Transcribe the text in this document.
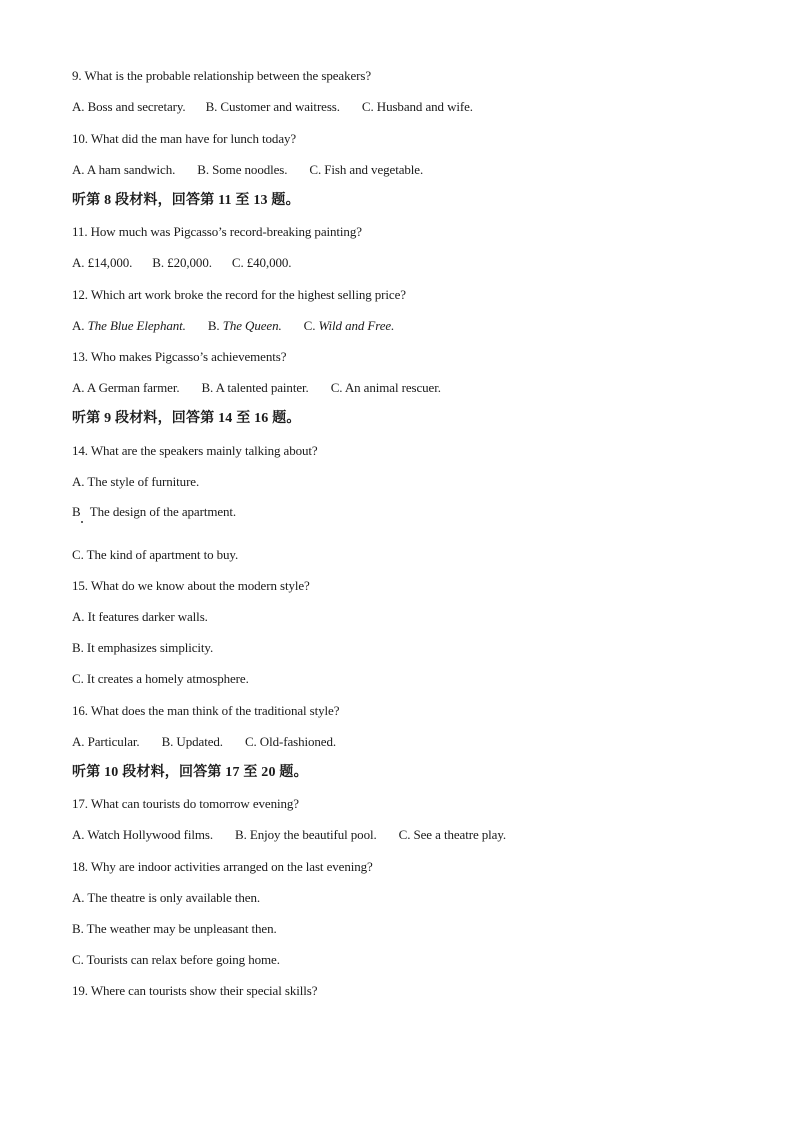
9. What is the probable relationship between the speakers?
A. Boss and secretary. B. Customer and waitress. C. Husband and wife.
10. What did the man have for lunch today?
A. A ham sandwich. B. Some noodles. C. Fish and vegetable.
听第 8 段材料，回答第 11 至 13 题。
11. How much was Pigcasso’s record-breaking painting?
A. £14,000. B. £20,000. C. £40,000.
12. Which art work broke the record for the highest selling price?
A. The Blue Elephant. B. The Queen. C. Wild and Free.
13. Who makes Pigcasso’s achievements?
A. A German farmer. B. A talented painter. C. An animal rescuer.
听第 9 段材料，回答第 14 至 16 题。
14. What are the speakers mainly talking about?
A. The style of furniture.
B   The design of the apartment.
C. The kind of apartment to buy.
15. What do we know about the modern style?
A. It features darker walls.
B. It emphasizes simplicity.
C. It creates a homely atmosphere.
16. What does the man think of the traditional style?
A. Particular. B. Updated. C. Old-fashioned.
听第 10 段材料，回答第 17 至 20 题。
17. What can tourists do tomorrow evening?
A. Watch Hollywood films. B. Enjoy the beautiful pool. C. See a theatre play.
18. Why are indoor activities arranged on the last evening?
A. The theatre is only available then.
B. The weather may be unpleasant then.
C. Tourists can relax before going home.
19. Where can tourists show their special skills?
